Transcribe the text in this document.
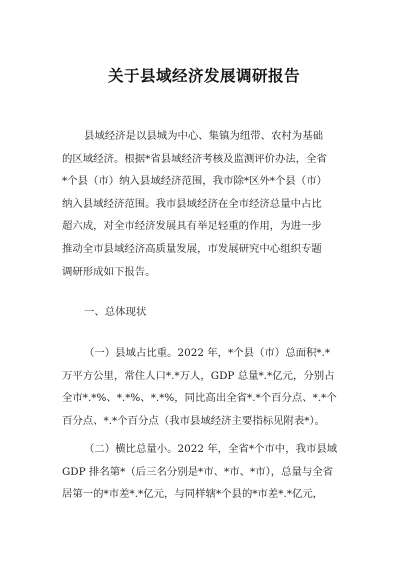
关于县域经济发展调研报告
县域经济是以县城为中心、集镇为纽带、农村为基础
的区域经济。根据*省县域经济考核及监测评价办法，全省
*个县（市）纳入县域经济范围，我市除*区外*个县（市）
纳入县域经济范围。我市县域经济在全市经济总量中占比
超六成，对全市经济发展具有举足轻重的作用，为进一步
推动全市县域经济高质量发展，市发展研究中心组织专题
调研形成如下报告。
一、总体现状
（一）县域占比重。2022 年，*个县（市）总面积*.*
万平方公里，常住人口*.*万人，GDP 总量*.*亿元，分别占
全市*.*%、*.*%、*.*%，同比高出全省*.*个百分点、*.*个
百分点、*.*个百分点（我市县域经济主要指标见附表*）。
（二）横比总量小。2022 年，全省*个市中，我市县域
GDP 排名第*（后三名分别是*市、*市、*市），总量与全省
居第一的*市差*.*亿元，与同样辖*个县的*市差*.*亿元，
